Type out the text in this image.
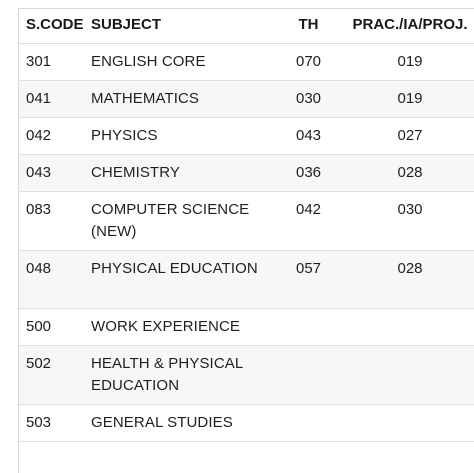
S.CODE	SUBJECT	TH	PRAC./IA/PROJ.
301	ENGLISH CORE	070	019
041	MATHEMATICS	030	019
042	PHYSICS	043	027
043	CHEMISTRY	036	028
083	COMPUTER SCIENCE (NEW)	042	030
048	PHYSICAL EDUCATION	057	028
500	WORK EXPERIENCE		
502	HEALTH & PHYSICAL EDUCATION		
503	GENERAL STUDIES		
